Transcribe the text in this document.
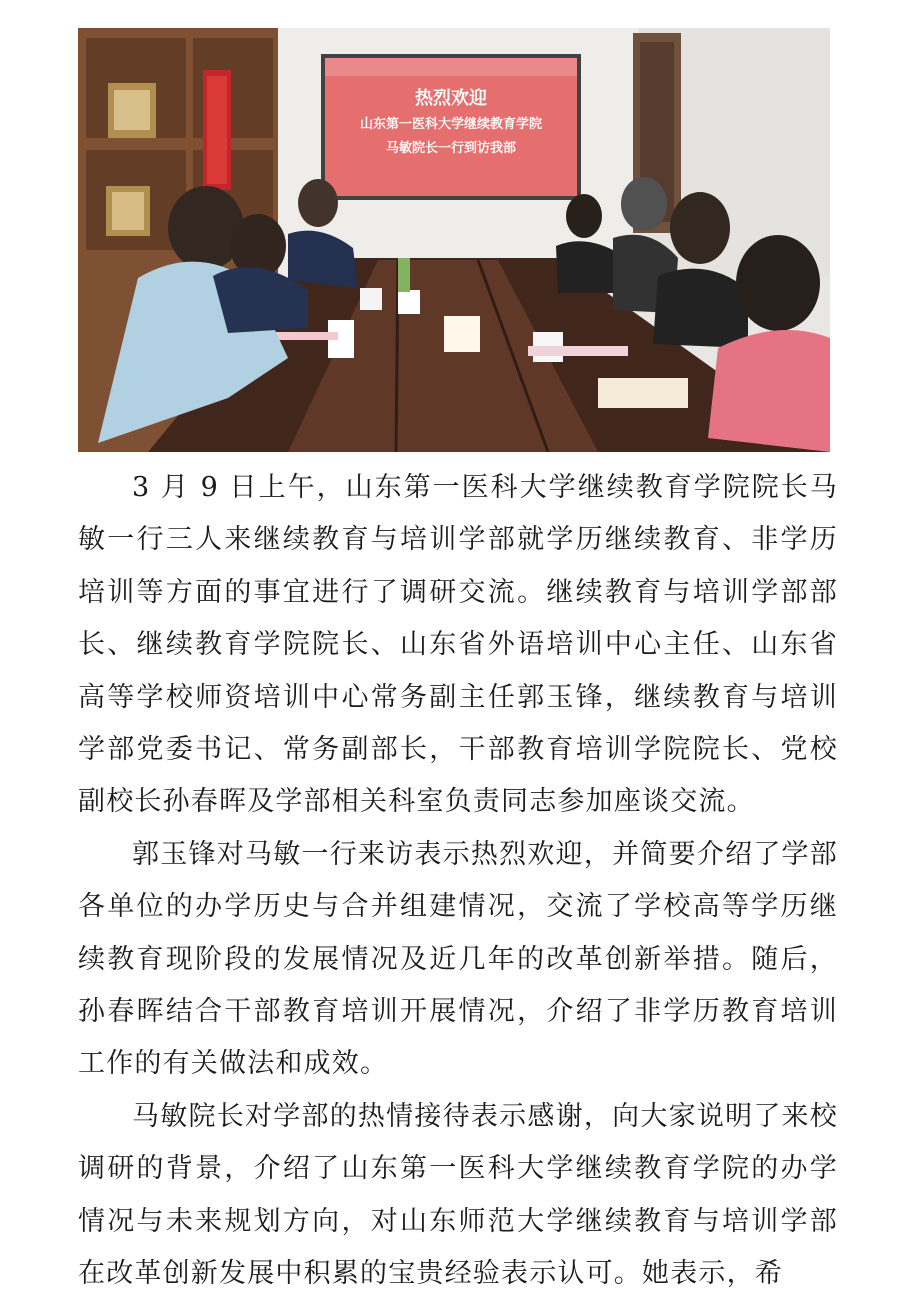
热烈欢迎
山东第一医科大学继续教育学院
马敏院长一行到访我部

3 月 9 日上午，山东第一医科大学继续教育学院院长马敏一行三人来继续教育与培训学部就学历继续教育、非学历培训等方面的事宜进行了调研交流。继续教育与培训学部部长、继续教育学院院长、山东省外语培训中心主任、山东省高等学校师资培训中心常务副主任郭玉锋，继续教育与培训学部党委书记、常务副部长，干部教育培训学院院长、党校副校长孙春晖及学部相关科室负责同志参加座谈交流。

郭玉锋对马敏一行来访表示热烈欢迎，并简要介绍了学部各单位的办学历史与合并组建情况，交流了学校高等学历继续教育现阶段的发展情况及近几年的改革创新举措。随后，孙春晖结合干部教育培训开展情况，介绍了非学历教育培训工作的有关做法和成效。

马敏院长对学部的热情接待表示感谢，向大家说明了来校调研的背景，介绍了山东第一医科大学继续教育学院的办学情况与未来规划方向，对山东师范大学继续教育与培训学部在改革创新发展中积累的宝贵经验表示认可。她表示，希
